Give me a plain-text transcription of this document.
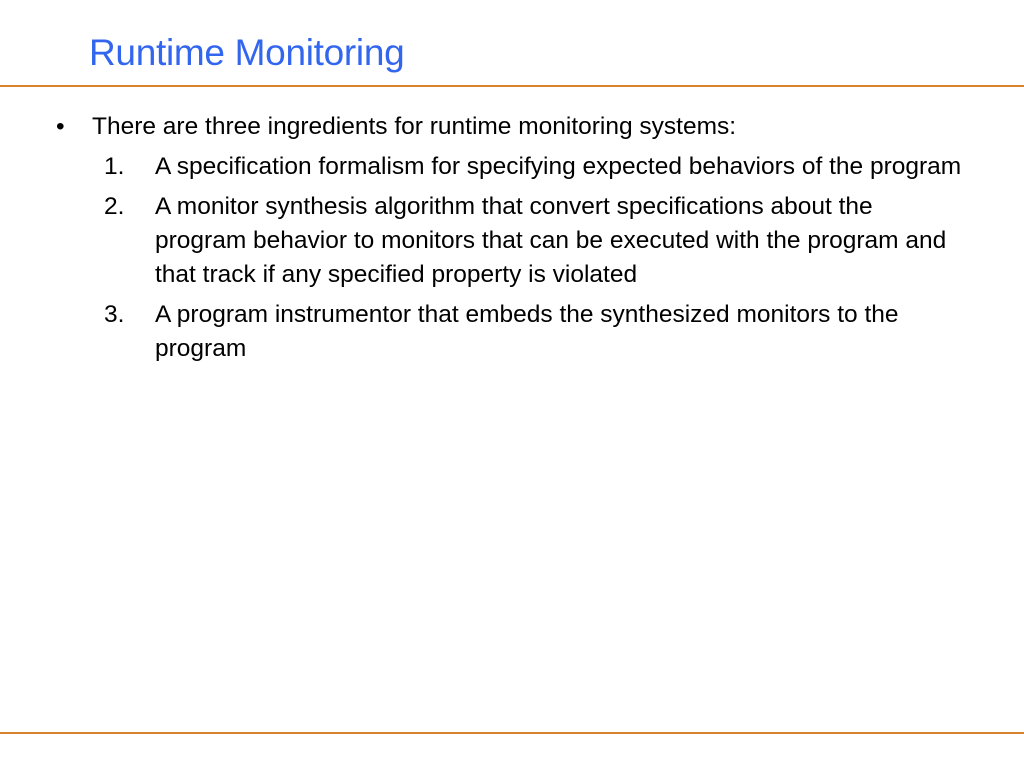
Runtime Monitoring
•	There are three ingredients for runtime monitoring systems:
1.	A specification formalism for specifying expected behaviors of the program
2.	A monitor synthesis algorithm that convert specifications about the program behavior to monitors that can be executed with the program and that track if any specified property is violated
3.	A program instrumentor that embeds the synthesized monitors to the program
